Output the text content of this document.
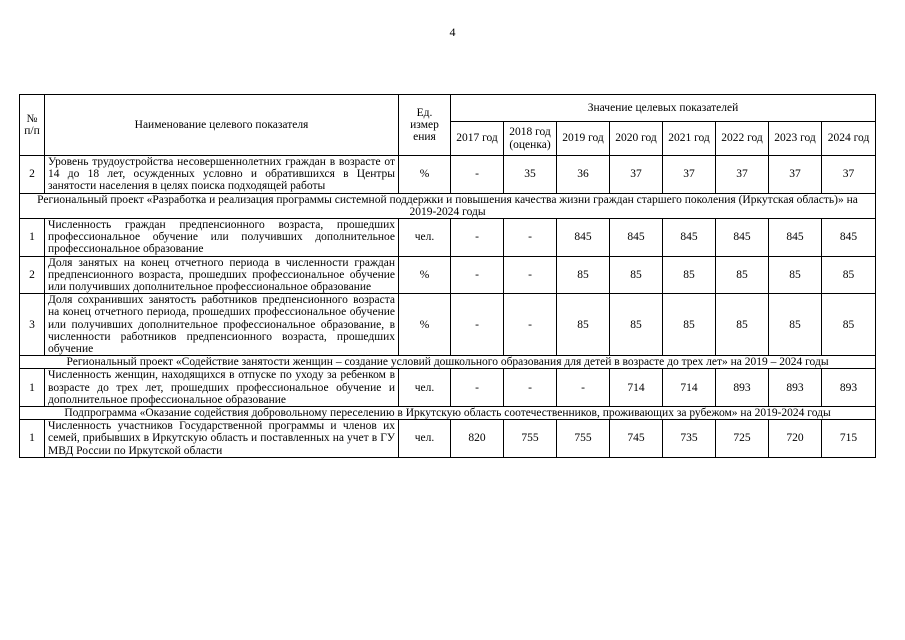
4
№ п/п	Наименование целевого показателя	Ед. измер ения	Значение целевых показателей							
			2017 год	2018 год (оценка)	2019 год	2020 год	2021 год	2022 год	2023 год	2024 год
2	Уровень трудоустройства несовершеннолетних граждан в возрасте от 14 до 18 лет, осужденных условно и обратившихся в Центры занятости населения в целях поиска подходящей работы	%	-	35	36	37	37	37	37	37
Региональный проект «Разработка и реализация программы системной поддержки и повышения качества жизни граждан старшего поколения (Иркутская область)» на 2019-2024 годы										
1	Численность граждан предпенсионного возраста, прошедших профессиональное обучение или получивших дополнительное профессиональное образование	чел.	-	-	845	845	845	845	845	845
2	Доля занятых на конец отчетного периода в численности граждан предпенсионного возраста, прошедших профессиональное обучение или получивших дополнительное профессиональное образование	%	-	-	85	85	85	85	85	85
3	Доля сохранивших занятость работников предпенсионного возраста на конец отчетного периода, прошедших профессиональное обучение или получивших дополнительное профессиональное образование, в численности работников предпенсионного возраста, прошедших обучение	%	-	-	85	85	85	85	85	85
Региональный проект «Содействие занятости женщин – создание условий дошкольного образования для детей в возрасте до трех лет» на 2019 – 2024 годы										
1	Численность женщин, находящихся в отпуске по уходу за ребенком в возрасте до трех лет, прошедших профессиональное обучение и дополнительное профессиональное образование	чел.	-	-	-	714	714	893	893	893
Подпрограмма «Оказание содействия добровольному переселению в Иркутскую область соотечественников, проживающих за рубежом» на 2019-2024 годы										
1	Численность участников Государственной программы и членов их семей, прибывших в Иркутскую область и поставленных на учет в ГУ МВД России по Иркутской области	чел.	820	755	755	745	735	725	720	715
